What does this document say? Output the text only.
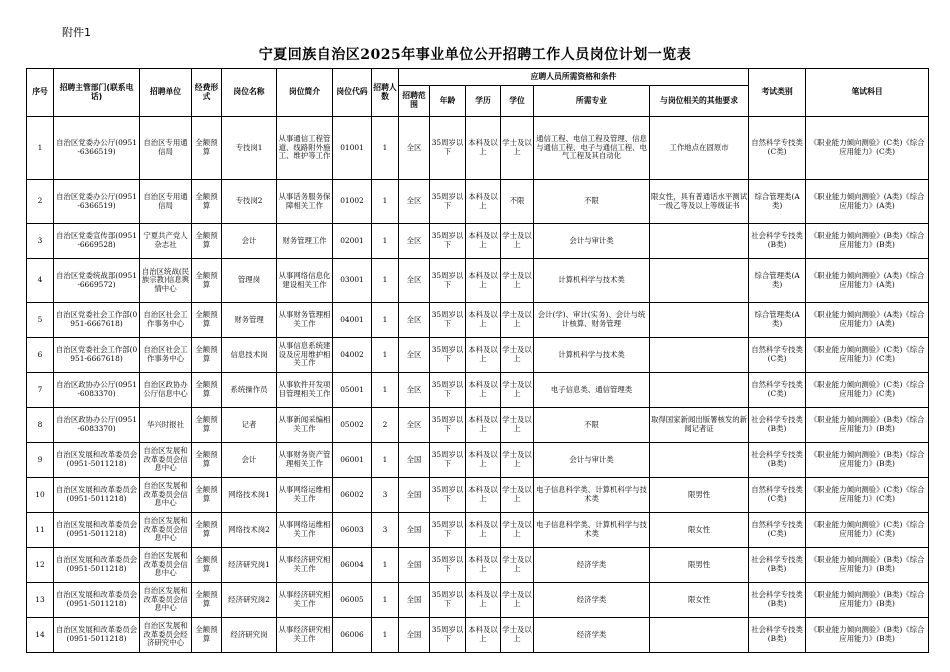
附件1
宁夏回族自治区2025年事业单位公开招聘工作人员岗位计划一览表
序号	招聘主管部门(联系电话)	招聘单位	经费形式	岗位名称	岗位简介	岗位代码	招聘人数	应聘人员所需资格和条件						考试类别	笔试科目
								招聘范围	年龄	学历	学位	所需专业	与岗位相关的其他要求		
1	自治区党委办公厅(0951-6366519)	自治区专用通信局	全额预算	专技岗1	从事通信工程管道、线路附外施工、维护等工作	01001	1	全区	35周岁以下	本科及以上	学士及以上	通信工程、电信工程及管理、信息与通信工程、电子与通信工程、电气工程及其自动化	工作地点在固原市	自然科学专技类(C类)	《职业能力倾向测验》(C类)《综合应用能力》(C类)
2	自治区党委办公厅(0951-6366519)	自治区专用通信局	全额预算	专技岗2	从事话务服务保障相关工作	01002	1	全区	35周岁以下	本科及以上	不限	不限	限女性，具有普通话水平测试一级乙等及以上等级证书	综合管理类(A类)	《职业能力倾向测验》(A类)《综合应用能力》(A类)
3	自治区党委宣传部(0951-6669528)	宁夏共产党人杂志社	全额预算	会计	财务管理工作	02001	1	全区	35周岁以下	本科及以上	学士及以上	会计与审计类		社会科学专技类(B类)	《职业能力倾向测验》(B类)《综合应用能力》(B类)
4	自治区党委统战部(0951-6669572)	自治区统战(民族宗教)信息舆情中心	全额预算	管理岗	从事网络信息化建设相关工作	03001	1	全区	35周岁以下	本科及以上	学士及以上	计算机科学与技术类		综合管理类(A类)	《职业能力倾向测验》(A类)《综合应用能力》(A类)
5	自治区党委社会工作部(0951-6667618)	自治区社会工作事务中心	全额预算	财务管理	从事财务管理相关工作	04001	1	全区	35周岁以下	本科及以上	学士及以上	会计(学)、审计(实务)、会计与统计核算、财务管理		综合管理类(A类)	《职业能力倾向测验》(A类)《综合应用能力》(A类)
6	自治区党委社会工作部(0951-6667618)	自治区社会工作事务中心	全额预算	信息技术岗	从事信息系统建设及应用维护相关工作	04002	1	全区	35周岁以下	本科及以上	学士及以上	计算机科学与技术类		自然科学专技类(C类)	《职业能力倾向测验》(C类)《综合应用能力》(C类)
7	自治区政协办公厅(0951-6083370)	自治区政协办公厅信息中心	全额预算	系统操作员	从事软件开发项目管理相关工作	05001	1	全区	35周岁以下	本科及以上	学士及以上	电子信息类、通信管理类		自然科学专技类(C类)	《职业能力倾向测验》(C类)《综合应用能力》(C类)
8	自治区政协办公厅(0951-6083370)	华兴时报社	全额预算	记者	从事新闻采编相关工作	05002	2	全区	35周岁以下	本科及以上	学士及以上	不限	取得国家新闻出版署核发的新闻记者证	社会科学专技类(B类)	《职业能力倾向测验》(B类)《综合应用能力》(B类)
9	自治区发展和改革委员会(0951-5011218)	自治区发展和改革委员会信息中心	全额预算	会计	从事财务资产管理相关工作	06001	1	全国	35周岁以下	本科及以上	学士及以上	会计与审计类		社会科学专技类(B类)	《职业能力倾向测验》(B类)《综合应用能力》(B类)
10	自治区发展和改革委员会(0951-5011218)	自治区发展和改革委员会信息中心	全额预算	网络技术岗1	从事网络运维相关工作	06002	3	全国	35周岁以下	本科及以上	学士及以上	电子信息科学类、计算机科学与技术类	限男性	自然科学专技类(C类)	《职业能力倾向测验》(C类)《综合应用能力》(C类)
11	自治区发展和改革委员会(0951-5011218)	自治区发展和改革委员会信息中心	全额预算	网络技术岗2	从事网络运维相关工作	06003	3	全国	35周岁以下	本科及以上	学士及以上	电子信息科学类、计算机科学与技术类	限女性	自然科学专技类(C类)	《职业能力倾向测验》(C类)《综合应用能力》(C类)
12	自治区发展和改革委员会(0951-5011218)	自治区发展和改革委员会信息中心	全额预算	经济研究岗1	从事经济研究相关工作	06004	1	全国	35周岁以下	本科及以上	学士及以上	经济学类	限男性	社会科学专技类(B类)	《职业能力倾向测验》(B类)《综合应用能力》(B类)
13	自治区发展和改革委员会(0951-5011218)	自治区发展和改革委员会信息中心	全额预算	经济研究岗2	从事经济研究相关工作	06005	1	全国	35周岁以下	本科及以上	学士及以上	经济学类	限女性	社会科学专技类(B类)	《职业能力倾向测验》(B类)《综合应用能力》(B类)
14	自治区发展和改革委员会(0951-5011218)	自治区发展和改革委员会经济研究中心	全额预算	经济研究岗	从事经济研究相关工作	06006	1	全国	35周岁以下	本科及以上	学士及以上	经济学类		社会科学专技类(B类)	《职业能力倾向测验》(B类)《综合应用能力》(B类)
